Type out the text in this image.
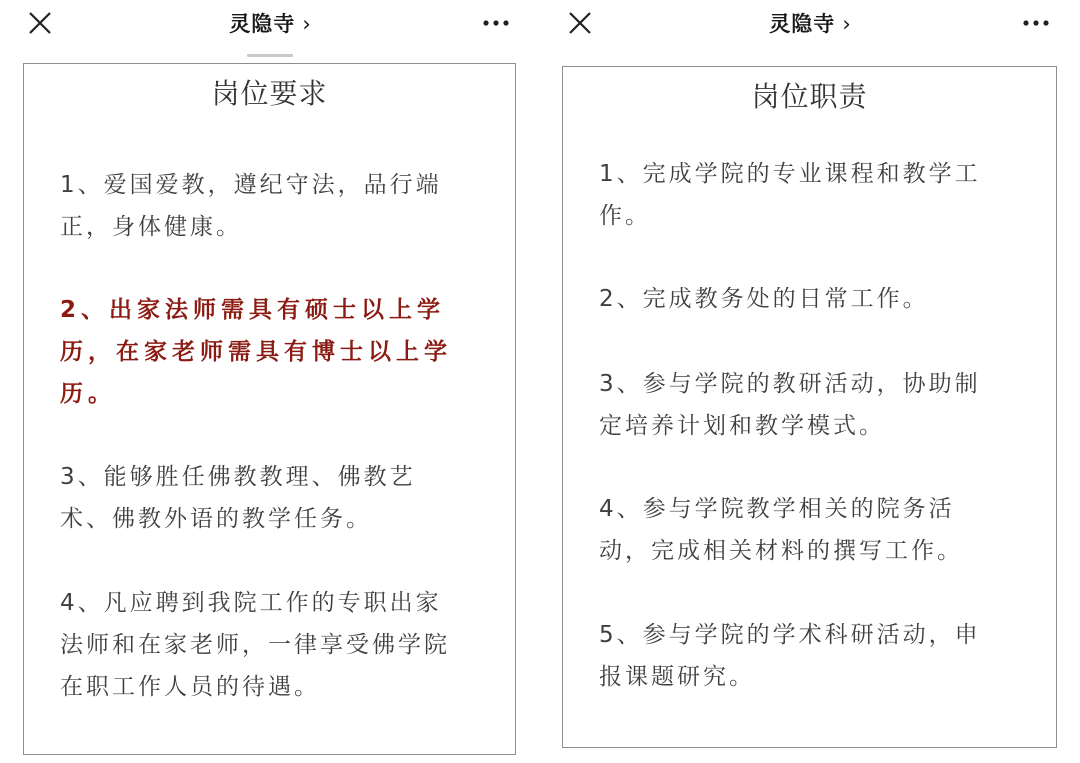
灵隐寺 ›
岗位要求
1、爱国爱教，遵纪守法，品行端
正，身体健康。
2、出家法师需具有硕士以上学
历，在家老师需具有博士以上学
历。
3、能够胜任佛教教理、佛教艺
术、佛教外语的教学任务。
4、凡应聘到我院工作的专职出家
法师和在家老师，一律享受佛学院
在职工作人员的待遇。
灵隐寺 ›
岗位职责
1、完成学院的专业课程和教学工
作。
2、完成教务处的日常工作。
3、参与学院的教研活动，协助制
定培养计划和教学模式。
4、参与学院教学相关的院务活
动，完成相关材料的撰写工作。
5、参与学院的学术科研活动，申
报课题研究。
